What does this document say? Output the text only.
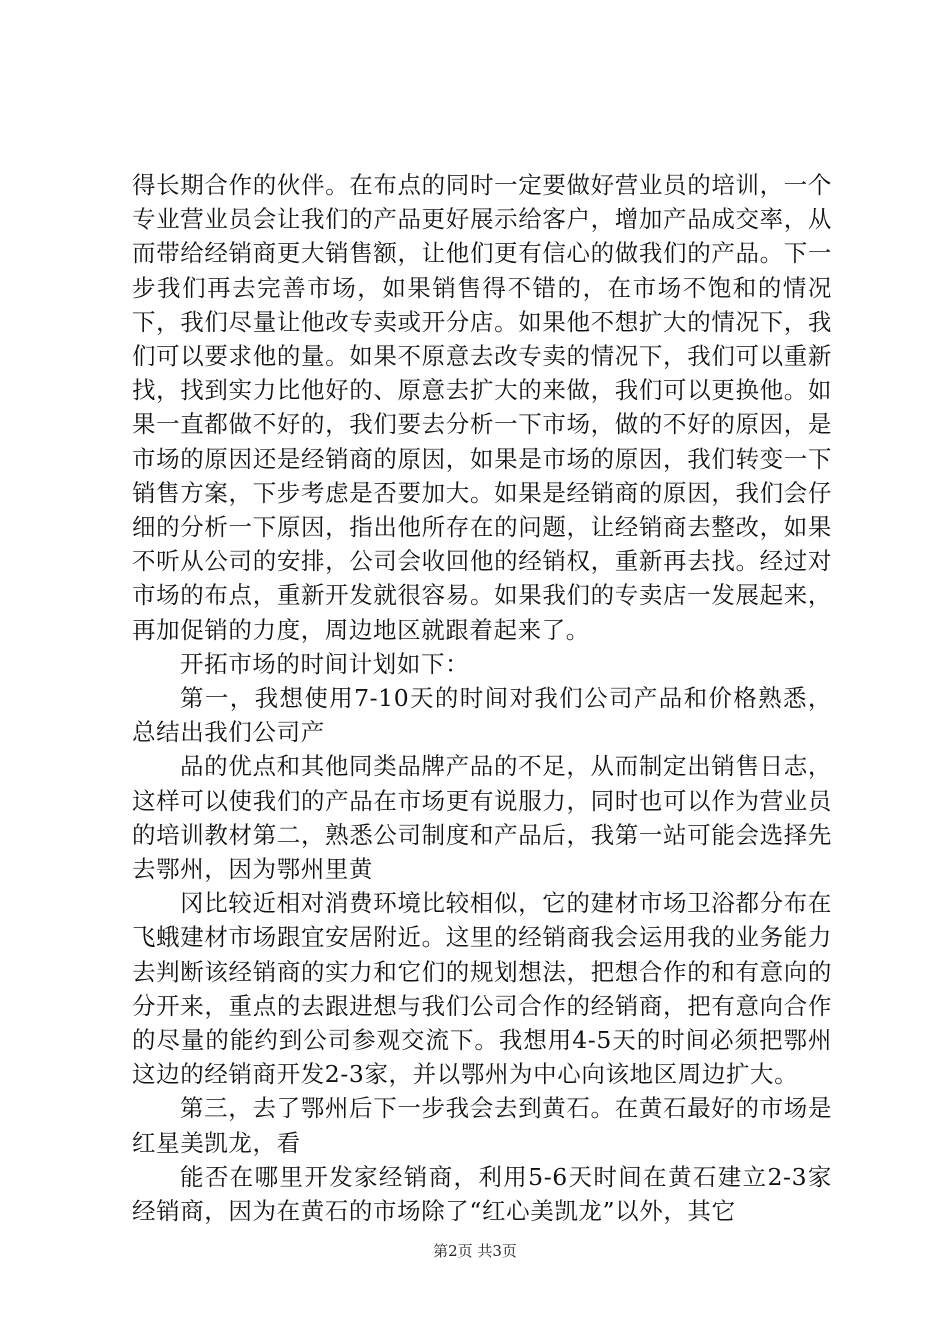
得长期合作的伙伴。在布点的同时一定要做好营业员的培训，一个专业营业员会让我们的产品更好展示给客户，增加产品成交率，从而带给经销商更大销售额，让他们更有信心的做我们的产品。下一步我们再去完善市场，如果销售得不错的，在市场不饱和的情况下，我们尽量让他改专卖或开分店。如果他不想扩大的情况下，我们可以要求他的量。如果不原意去改专卖的情况下，我们可以重新找，找到实力比他好的、原意去扩大的来做，我们可以更换他。如果一直都做不好的，我们要去分析一下市场，做的不好的原因，是市场的原因还是经销商的原因，如果是市场的原因，我们转变一下销售方案，下步考虑是否要加大。如果是经销商的原因，我们会仔细的分析一下原因，指出他所存在的问题，让经销商去整改，如果不听从公司的安排，公司会收回他的经销权，重新再去找。经过对市场的布点，重新开发就很容易。如果我们的专卖店一发展起来，再加促销的力度，周边地区就跟着起来了。

开拓市场的时间计划如下：

第一，我想使用7-10天的时间对我们公司产品和价格熟悉，总结出我们公司产

品的优点和其他同类品牌产品的不足，从而制定出销售日志，这样可以使我们的产品在市场更有说服力，同时也可以作为营业员的培训教材第二，熟悉公司制度和产品后，我第一站可能会选择先去鄂州，因为鄂州里黄

冈比较近相对消费环境比较相似，它的建材市场卫浴都分布在飞蛾建材市场跟宜安居附近。这里的经销商我会运用我的业务能力去判断该经销商的实力和它们的规划想法，把想合作的和有意向的分开来，重点的去跟进想与我们公司合作的经销商，把有意向合作的尽量的能约到公司参观交流下。我想用4-5天的时间必须把鄂州这边的经销商开发2-3家，并以鄂州为中心向该地区周边扩大。

第三，去了鄂州后下一步我会去到黄石。在黄石最好的市场是红星美凯龙，看

能否在哪里开发家经销商，利用5-6天时间在黄石建立2-3家经销商，因为在黄石的市场除了“红心美凯龙”以外，其它

第2页 共3页
